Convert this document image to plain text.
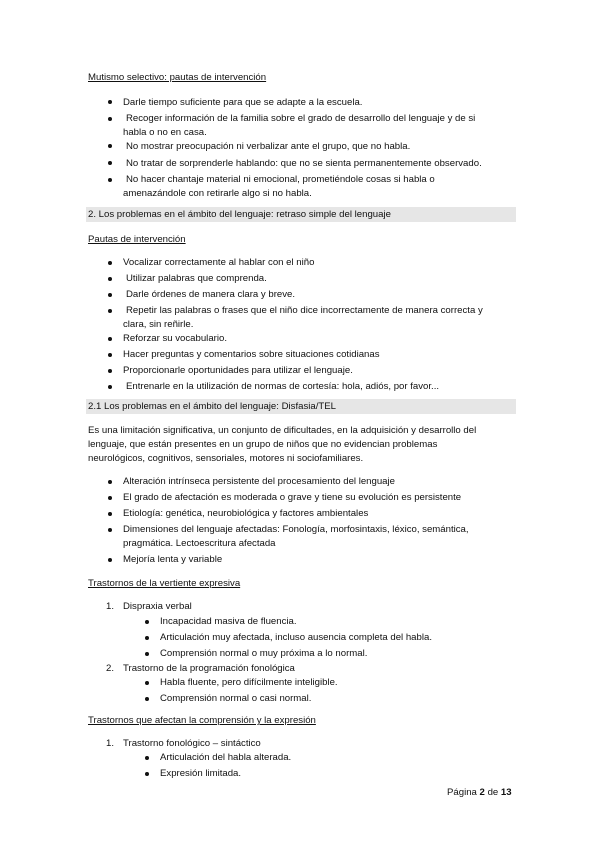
Mutismo selectivo: pautas de intervención
Darle tiempo suficiente para que se adapte a la escuela.
Recoger información de la familia sobre el grado de desarrollo del lenguaje y de si
habla o no en casa.
No mostrar preocupación ni verbalizar ante el grupo, que no habla.
No tratar de sorprenderle hablando: que no se sienta permanentemente observado.
No hacer chantaje material ni emocional, prometiéndole cosas si habla o
amenazándole con retirarle algo si no habla.
2. Los problemas en el ámbito del lenguaje: retraso simple del lenguaje
Pautas de intervención
Vocalizar correctamente al hablar con el niño
Utilizar palabras que comprenda.
Darle órdenes de manera clara y breve.
Repetir las palabras o frases que el niño dice incorrectamente de manera correcta y
clara, sin reñirle.
Reforzar su vocabulario.
Hacer preguntas y comentarios sobre situaciones cotidianas
Proporcionarle oportunidades para utilizar el lenguaje.
Entrenarle en la utilización de normas de cortesía: hola, adiós, por favor...
2.1 Los problemas en el ámbito del lenguaje: Disfasia/TEL
Es una limitación significativa, un conjunto de dificultades, en la adquisición y desarrollo del
lenguaje, que están presentes en un grupo de niños que no evidencian problemas
neurológicos, cognitivos, sensoriales, motores ni sociofamiliares.
Alteración intrínseca persistente del procesamiento del lenguaje
El grado de afectación es moderada o grave y tiene su evolución es persistente
Etiología: genética, neurobiológica y factores ambientales
Dimensiones del lenguaje afectadas: Fonología, morfosintaxis, léxico, semántica,
pragmática. Lectoescritura afectada
Mejoría lenta y variable
Trastornos de la vertiente expresiva
1. Dispraxia verbal
Incapacidad masiva de fluencia.
Articulación muy afectada, incluso ausencia completa del habla.
Comprensión normal o muy próxima a lo normal.
2. Trastorno de la programación fonológica
Habla fluente, pero difícilmente inteligible.
Comprensión normal o casi normal.
Trastornos que afectan la comprensión y la expresión
1. Trastorno fonológico – sintáctico
Articulación del habla alterada.
Expresión limitada.
Página 2 de 13
